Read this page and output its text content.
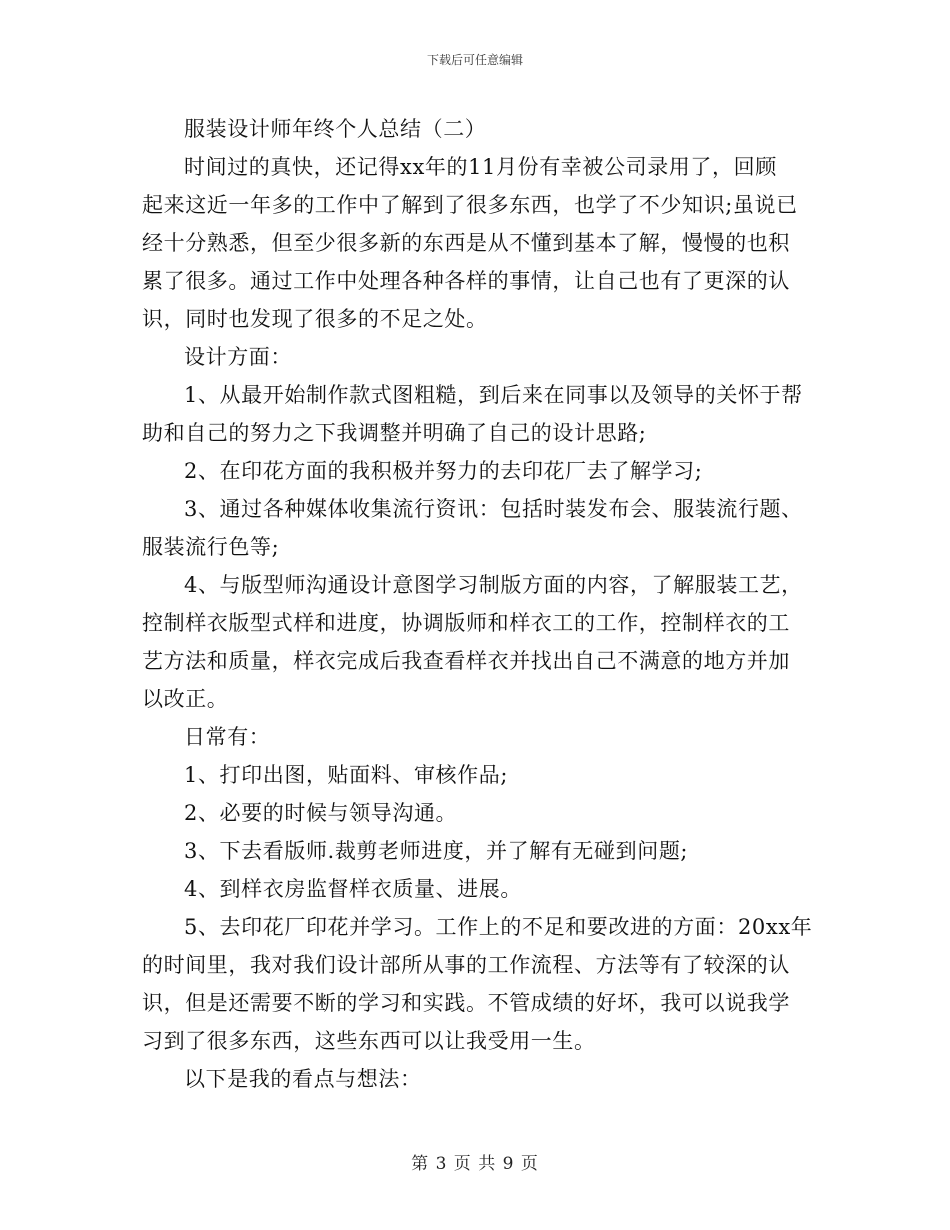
下载后可任意编辑

服装设计师年终个人总结（二）

时间过的真快，还记得xx年的11月份有幸被公司录用了，回顾

起来这近一年多的工作中了解到了很多东西，也学了不少知识;虽说已

经十分熟悉，但至少很多新的东西是从不懂到基本了解，慢慢的也积

累了很多。通过工作中处理各种各样的事情，让自己也有了更深的认

识，同时也发现了很多的不足之处。

设计方面：

1、从最开始制作款式图粗糙，到后来在同事以及领导的关怀于帮

助和自己的努力之下我调整并明确了自己的设计思路;

2、在印花方面的我积极并努力的去印花厂去了解学习;

3、通过各种媒体收集流行资讯：包括时装发布会、服装流行题、

服装流行色等;

4、与版型师沟通设计意图学习制版方面的内容，了解服装工艺，

控制样衣版型式样和进度，协调版师和样衣工的工作，控制样衣的工

艺方法和质量，样衣完成后我查看样衣并找出自己不满意的地方并加

以改正。

日常有：

1、打印出图，贴面料、审核作品;

2、必要的时候与领导沟通。

3、下去看版师.裁剪老师进度，并了解有无碰到问题;

4、到样衣房监督样衣质量、进展。

5、去印花厂印花并学习。工作上的不足和要改进的方面：20xx年

的时间里，我对我们设计部所从事的工作流程、方法等有了较深的认

识，但是还需要不断的学习和实践。不管成绩的好坏，我可以说我学

习到了很多东西，这些东西可以让我受用一生。

以下是我的看点与想法：

第 3 页 共 9 页
